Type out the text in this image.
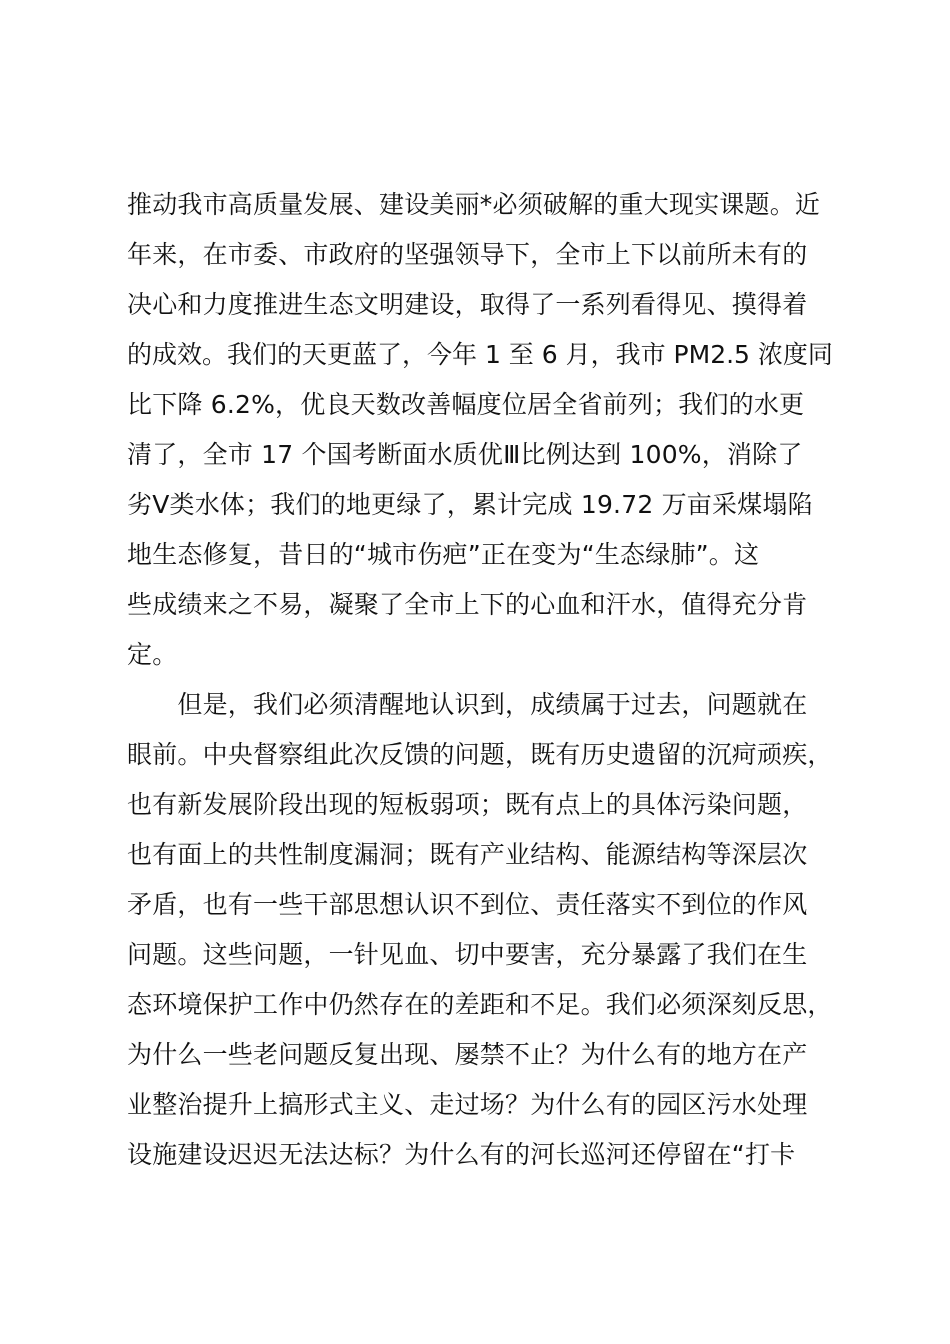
推动我市高质量发展、建设美丽*必须破解的重大现实课题。近
年来，在市委、市政府的坚强领导下，全市上下以前所未有的
决心和力度推进生态文明建设，取得了一系列看得见、摸得着
的成效。我们的天更蓝了，今年 1 至 6 月，我市 PM2.5 浓度同
比下降 6.2%，优良天数改善幅度位居全省前列；我们的水更
清了，全市 17 个国考断面水质优Ⅲ比例达到 100%，消除了
劣Ⅴ类水体；我们的地更绿了，累计完成 19.72 万亩采煤塌陷
地生态修复，昔日的“城市伤疤”正在变为“生态绿肺”。这
些成绩来之不易，凝聚了全市上下的心血和汗水，值得充分肯
定。
　　但是，我们必须清醒地认识到，成绩属于过去，问题就在
眼前。中央督察组此次反馈的问题，既有历史遗留的沉疴顽疾，
也有新发展阶段出现的短板弱项；既有点上的具体污染问题，
也有面上的共性制度漏洞；既有产业结构、能源结构等深层次
矛盾，也有一些干部思想认识不到位、责任落实不到位的作风
问题。这些问题，一针见血、切中要害，充分暴露了我们在生
态环境保护工作中仍然存在的差距和不足。我们必须深刻反思，
为什么一些老问题反复出现、屡禁不止？为什么有的地方在产
业整治提升上搞形式主义、走过场？为什么有的园区污水处理
设施建设迟迟无法达标？为什么有的河长巡河还停留在“打卡
